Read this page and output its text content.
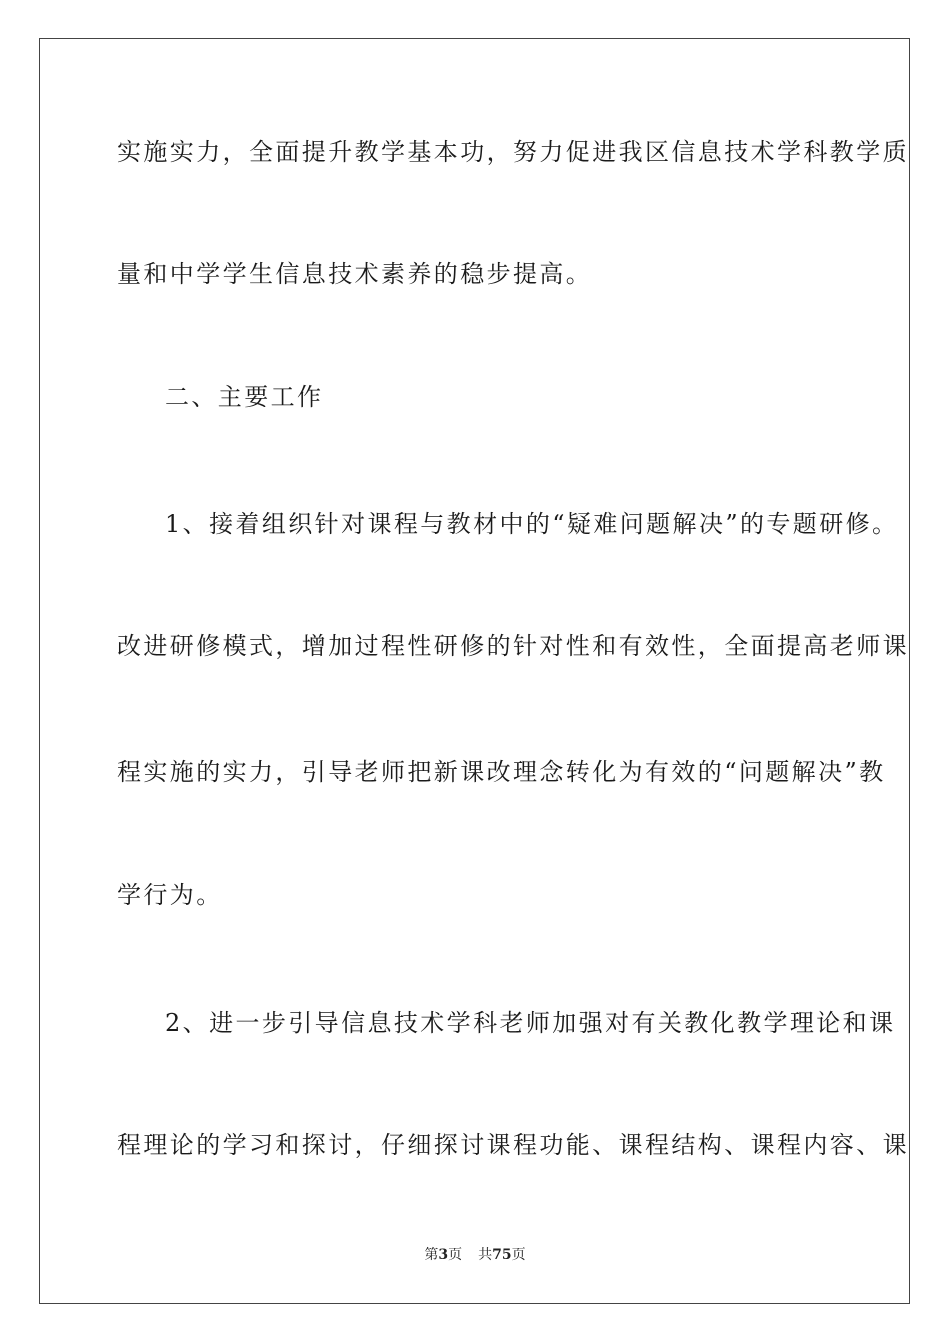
实施实力，全面提升教学基本功，努力促进我区信息技术学科教学质
量和中学学生信息技术素养的稳步提高。
二、主要工作
1、接着组织针对课程与教材中的“疑难问题解决”的专题研修。
改进研修模式，增加过程性研修的针对性和有效性，全面提高老师课
程实施的实力，引导老师把新课改理念转化为有效的“问题解决”教
学行为。
2、进一步引导信息技术学科老师加强对有关教化教学理论和课
程理论的学习和探讨，仔细探讨课程功能、课程结构、课程内容、课
第3页 共75页
